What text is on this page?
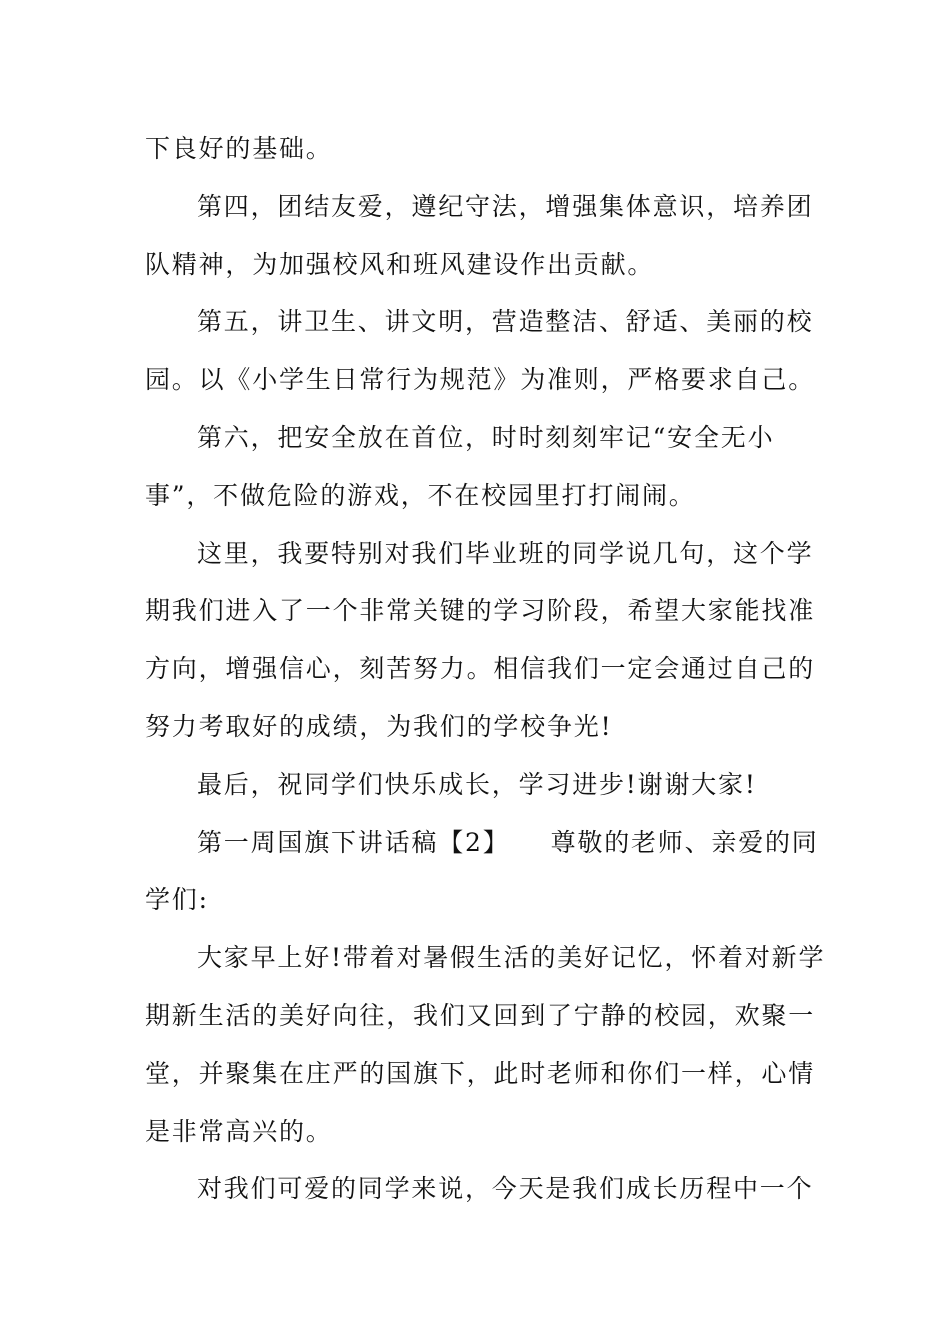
下良好的基础。
第四，团结友爱，遵纪守法，增强集体意识，培养团
队精神，为加强校风和班风建设作出贡献。
第五，讲卫生、讲文明，营造整洁、舒适、美丽的校
园。以《小学生日常行为规范》为准则，严格要求自己。
第六，把安全放在首位，时时刻刻牢记“安全无小
事”，不做危险的游戏，不在校园里打打闹闹。
这里，我要特别对我们毕业班的同学说几句，这个学
期我们进入了一个非常关键的学习阶段，希望大家能找准
方向，增强信心，刻苦努力。相信我们一定会通过自己的
努力考取好的成绩，为我们的学校争光!
最后，祝同学们快乐成长，学习进步!谢谢大家!
第一周国旗下讲话稿【2】　　尊敬的老师、亲爱的同
学们:
大家早上好!带着对暑假生活的美好记忆，怀着对新学
期新生活的美好向往，我们又回到了宁静的校园，欢聚一
堂，并聚集在庄严的国旗下，此时老师和你们一样，心情
是非常高兴的。
对我们可爱的同学来说，今天是我们成长历程中一个
